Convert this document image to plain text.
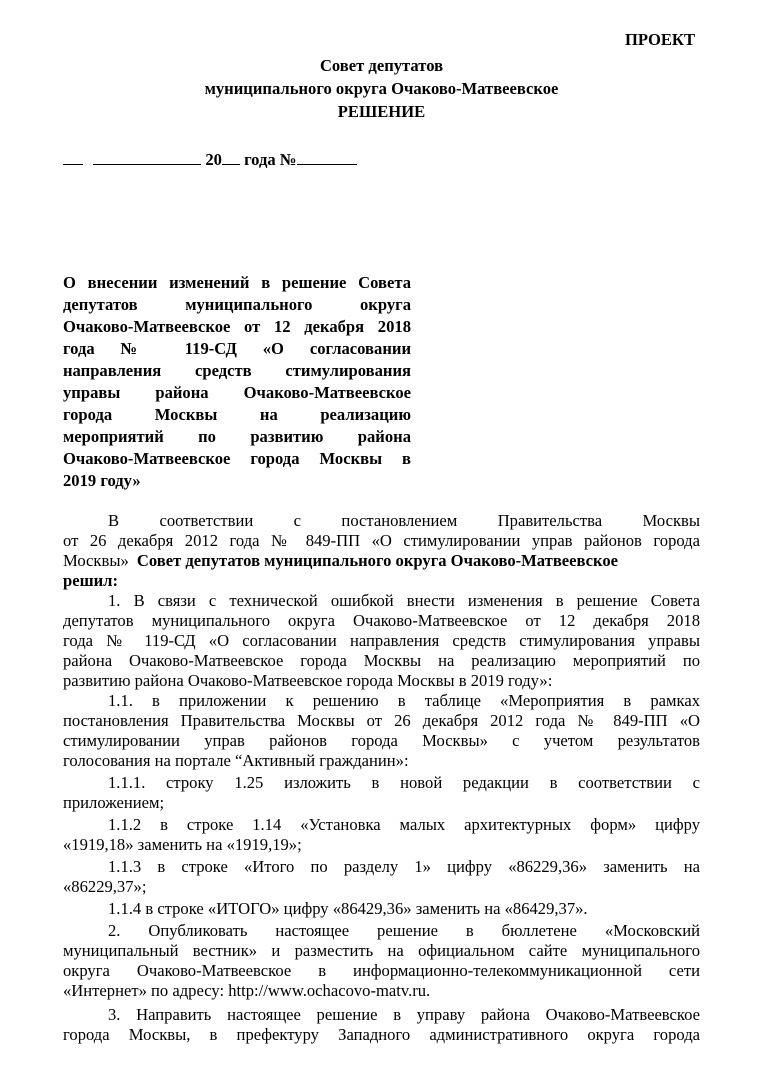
ПРОЕКТ
Совет депутатов
муниципального округа Очаково-Матвеевское
РЕШЕНИЕ
20 года №
О внесении изменений в решение Совета
депутатов муниципального округа
Очаково-Матвеевское от 12 декабря 2018
года № 119-СД «О согласовании
направления средств стимулирования
управы района Очаково-Матвеевское
города Москвы на реализацию
мероприятий по развитию района
Очаково-Матвеевское города Москвы в
2019 году»
В соответствии с постановлением Правительства Москвы
от 26 декабря 2012 года № 849-ПП «О стимулировании управ районов города
Москвы» Совет депутатов муниципального округа Очаково-Матвеевское
решил:
1. В связи с технической ошибкой внести изменения в решение Совета
депутатов муниципального округа Очаково-Матвеевское от 12 декабря 2018
года № 119-СД «О согласовании направления средств стимулирования управы
района Очаково-Матвеевское города Москвы на реализацию мероприятий по
развитию района Очаково-Матвеевское города Москвы в 2019 году»:
1.1. в приложении к решению в таблице «Мероприятия в рамках
постановления Правительства Москвы от 26 декабря 2012 года № 849-ПП «О
стимулировании управ районов города Москвы» с учетом результатов
голосования на портале “Активный гражданин»:
1.1.1. строку 1.25 изложить в новой редакции в соответствии с
приложением;
1.1.2 в строке 1.14 «Установка малых архитектурных форм» цифру
«1919,18» заменить на «1919,19»;
1.1.3 в строке «Итого по разделу 1» цифру «86229,36» заменить на
«86229,37»;
1.1.4 в строке «ИТОГО» цифру «86429,36» заменить на «86429,37».
2. Опубликовать настоящее решение в бюллетене «Московский
муниципальный вестник» и разместить на официальном сайте муниципального
округа Очаково-Матвеевское в информационно-телекоммуникационной сети
«Интернет» по адресу: http://www.ochacovo-matv.ru.
3. Направить настоящее решение в управу района Очаково-Матвеевское
города Москвы, в префектуру Западного административного округа города
